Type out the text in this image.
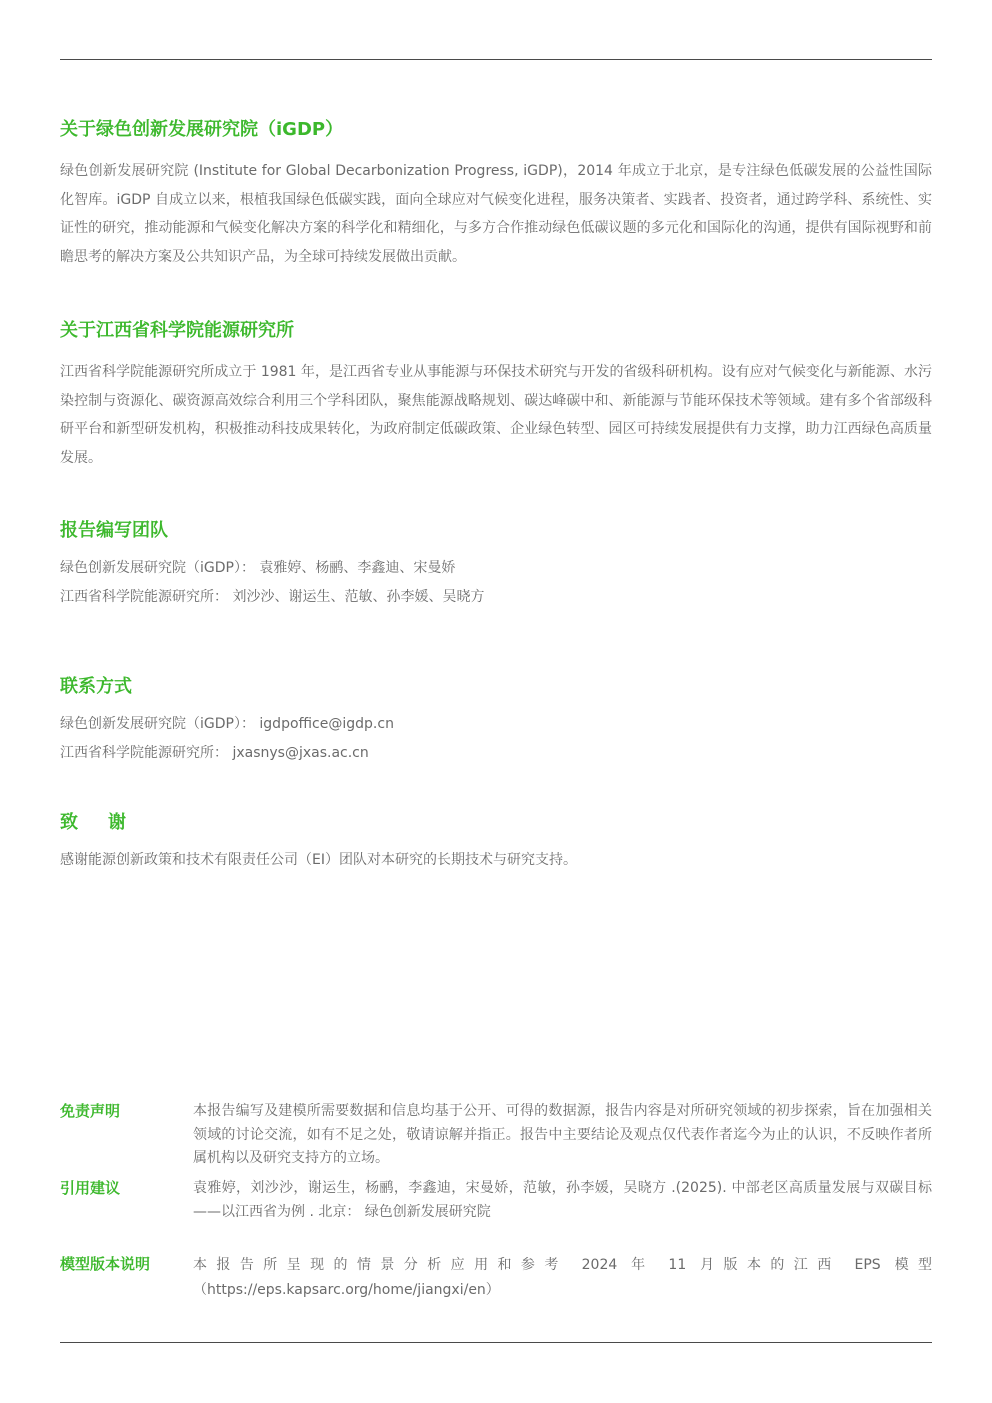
关于绿色创新发展研究院（iGDP）

绿色创新发展研究院 (Institute for Global Decarbonization Progress, iGDP)，2014 年成立于北京，是专注绿色低碳发展的公益性国际化智库。iGDP 自成立以来，根植我国绿色低碳实践，面向全球应对气候变化进程，服务决策者、实践者、投资者，通过跨学科、系统性、实证性的研究，推动能源和气候变化解决方案的科学化和精细化，与多方合作推动绿色低碳议题的多元化和国际化的沟通，提供有国际视野和前瞻思考的解决方案及公共知识产品，为全球可持续发展做出贡献。

关于江西省科学院能源研究所

江西省科学院能源研究所成立于 1981 年，是江西省专业从事能源与环保技术研究与开发的省级科研机构。设有应对气候变化与新能源、水污染控制与资源化、碳资源高效综合利用三个学科团队，聚焦能源战略规划、碳达峰碳中和、新能源与节能环保技术等领域。建有多个省部级科研平台和新型研发机构，积极推动科技成果转化，为政府制定低碳政策、企业绿色转型、园区可持续发展提供有力支撑，助力江西绿色高质量发展。

报告编写团队

绿色创新发展研究院（iGDP）： 袁雅婷、杨鹂、李鑫迪、宋曼娇

江西省科学院能源研究所： 刘沙沙、谢运生、范敏、孙李媛、吴晓方

联系方式

绿色创新发展研究院（iGDP）： igdpoffice@igdp.cn

江西省科学院能源研究所： jxasnys@jxas.ac.cn

致 谢

感谢能源创新政策和技术有限责任公司（EI）团队对本研究的长期技术与研究支持。

免责声明	本报告编写及建模所需要数据和信息均基于公开、可得的数据源，报告内容是对所研究领域的初步探索，旨在加强相关领域的讨论交流，如有不足之处，敬请谅解并指正。报告中主要结论及观点仅代表作者迄今为止的认识，不反映作者所属机构以及研究支持方的立场。
引用建议	袁雅婷，刘沙沙，谢运生，杨鹂，李鑫迪，宋曼娇，范敏，孙李媛，吴晓方 .(2025). 中部老区高质量发展与双碳目标——以江西省为例 . 北京： 绿色创新发展研究院
模型版本说明	本报告所呈现的情景分析应用和参考 2024 年 11 月版本的江西 EPS 模型（https://eps.kapsarc.org/home/jiangxi/en）
